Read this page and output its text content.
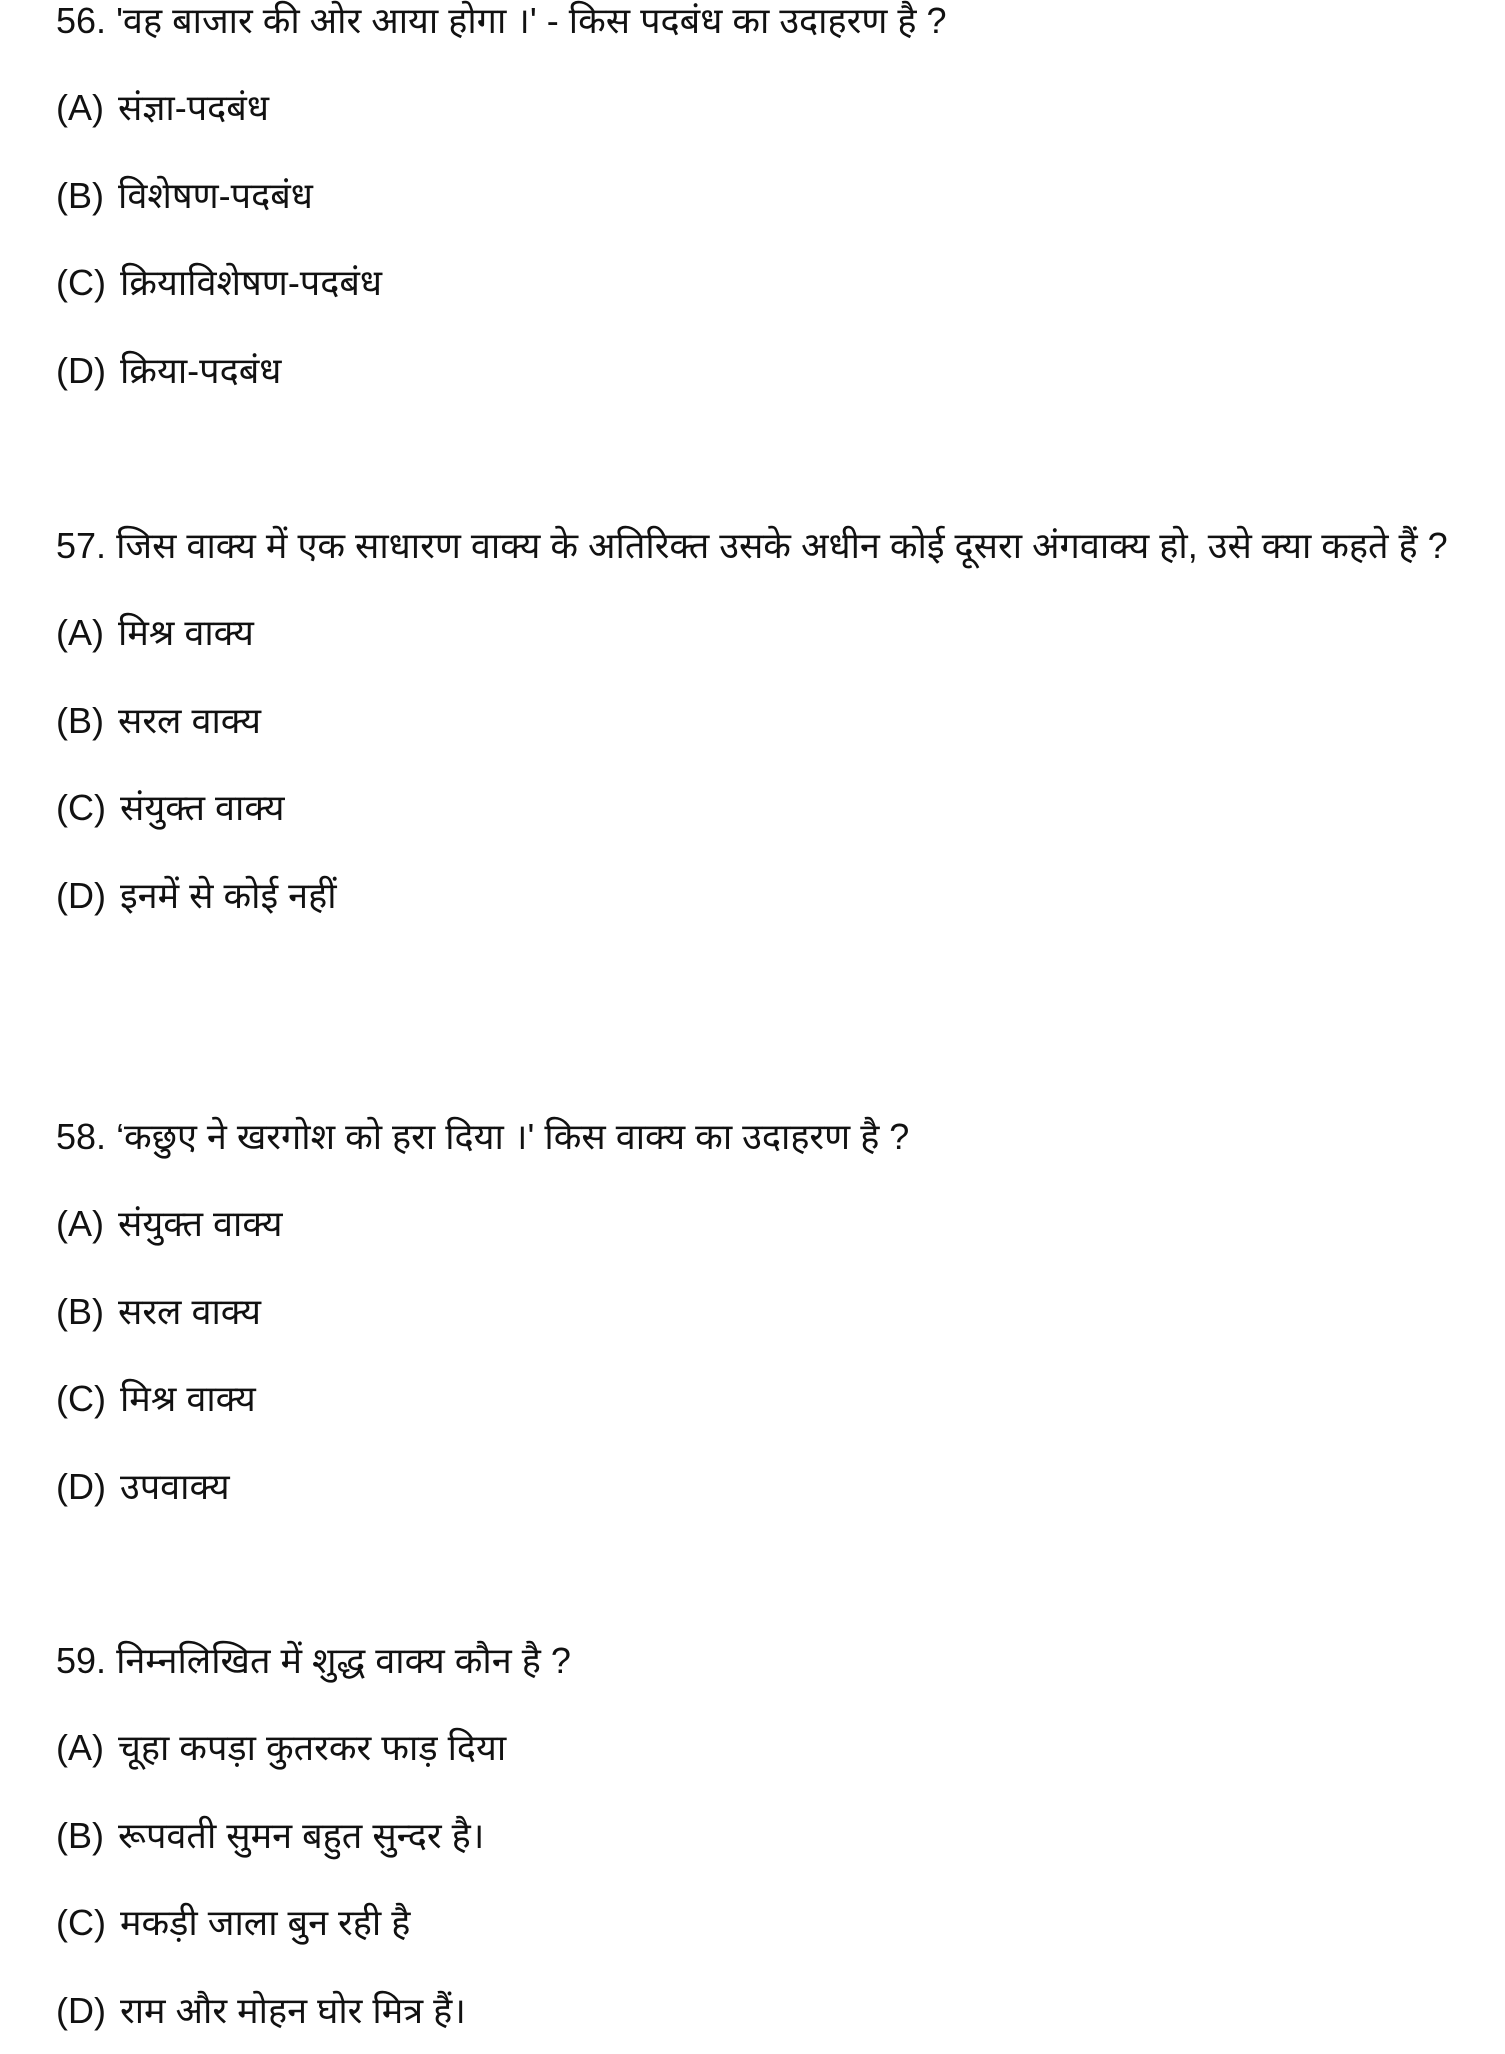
56. 'वह बाजार की ओर आया होगा ।' - किस पदबंध का उदाहरण है ?

(A) संज्ञा-पदबंध
(B) विशेषण-पदबंध
(C) क्रियाविशेषण-पदबंध
(D) क्रिया-पदबंध

57. जिस वाक्य में एक साधारण वाक्य के अतिरिक्त उसके अधीन कोई दूसरा अंगवाक्य हो, उसे क्या कहते हैं ?

(A) मिश्र वाक्य
(B) सरल वाक्य
(C) संयुक्त वाक्य
(D) इनमें से कोई नहीं

58. ‘कछुए ने खरगोश को हरा दिया ।' किस वाक्य का उदाहरण है ?

(A) संयुक्त वाक्य
(B) सरल वाक्य
(C) मिश्र वाक्य
(D) उपवाक्य

59. निम्नलिखित में शुद्ध वाक्य कौन है ?

(A) चूहा कपड़ा कुतरकर फाड़ दिया
(B) रूपवती सुमन बहुत सुन्दर है।
(C) मकड़ी जाला बुन रही है
(D) राम और मोहन घोर मित्र हैं।
